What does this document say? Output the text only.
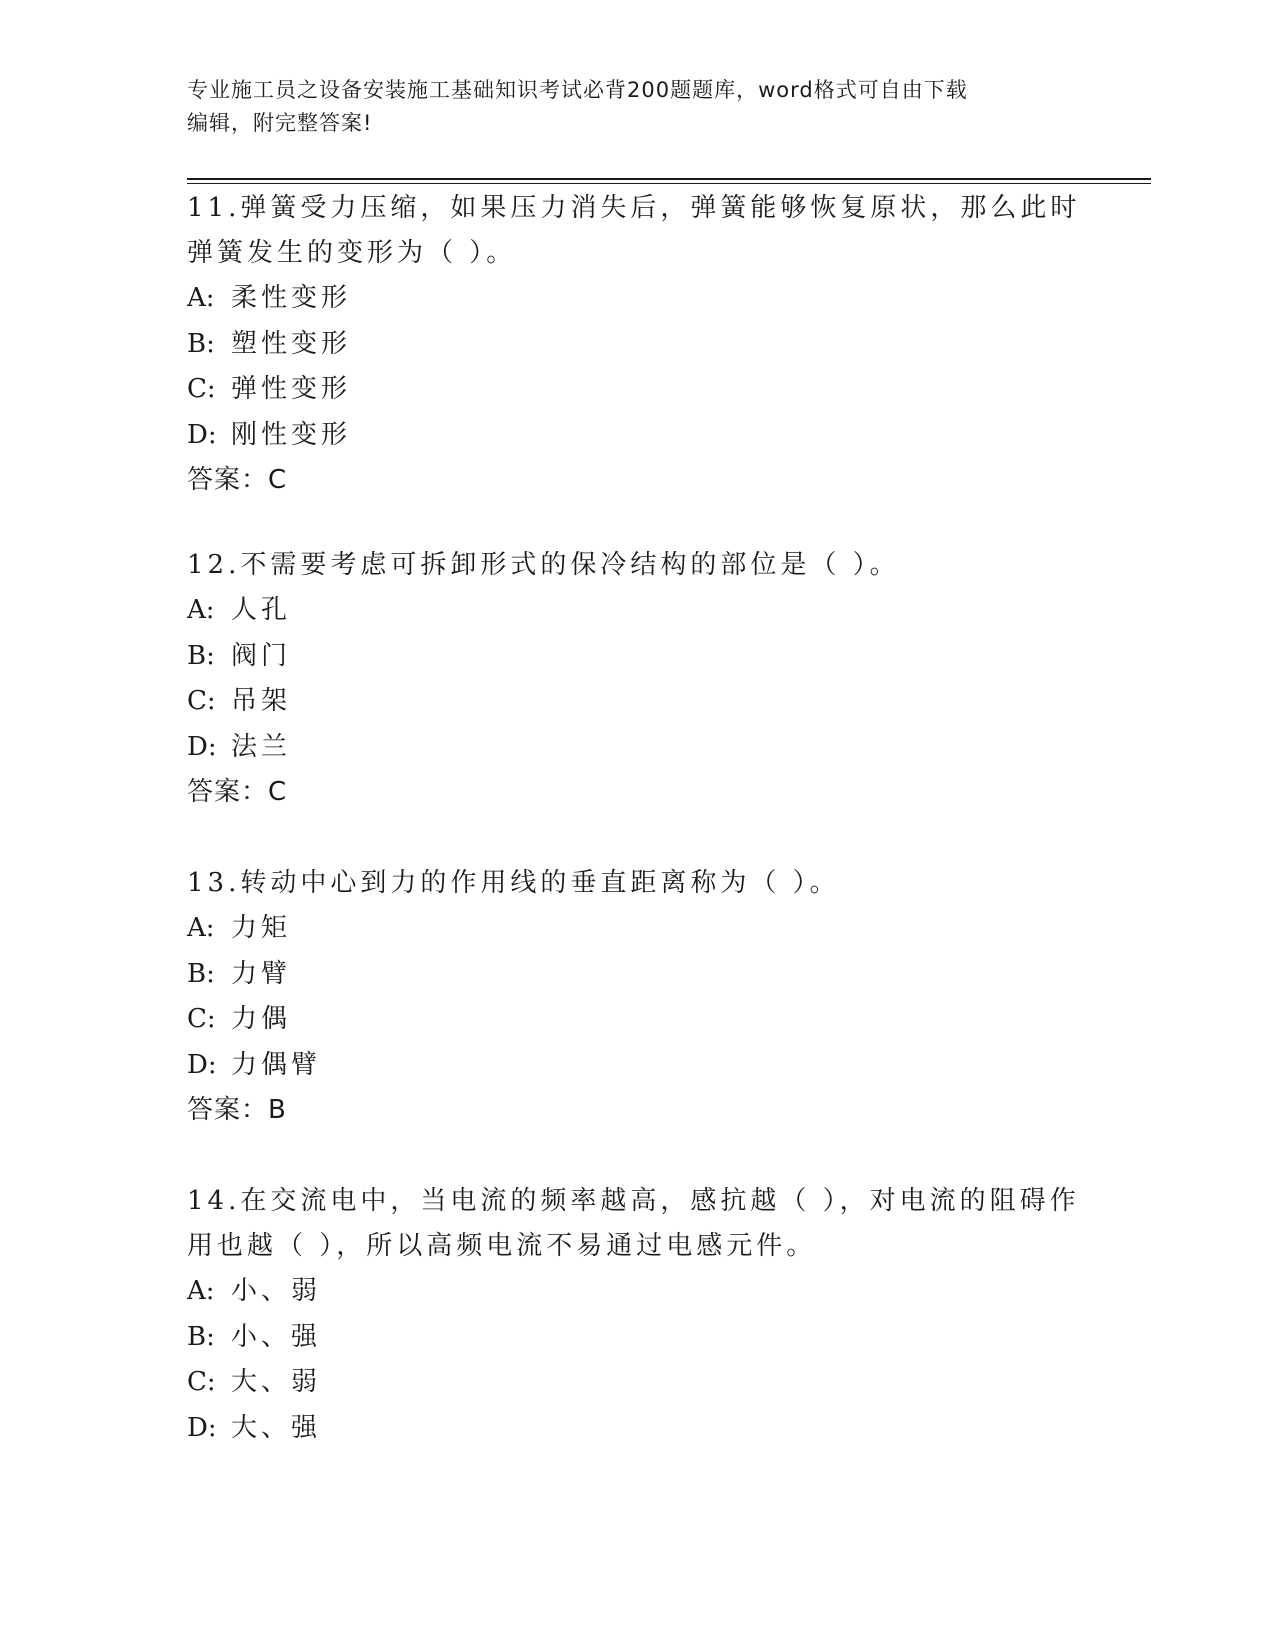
专业施工员之设备安装施工基础知识考试必背200题题库，word格式可自由下载
编辑，附完整答案!

11.弹簧受力压缩，如果压力消失后，弹簧能够恢复原状，那么此时弹簧发生的变形为（ ）。

A: 柔性变形

B: 塑性变形

C: 弹性变形

D: 刚性变形

答案：C

12.不需要考虑可拆卸形式的保冷结构的部位是（ ）。

A: 人孔

B: 阀门

C: 吊架

D: 法兰

答案：C

13.转动中心到力的作用线的垂直距离称为（ ）。

A: 力矩

B: 力臂

C: 力偶

D: 力偶臂

答案：B

14.在交流电中，当电流的频率越高，感抗越（ ），对电流的阻碍作用也越（ ），所以高频电流不易通过电感元件。

A: 小、弱

B: 小、强

C: 大、弱

D: 大、强
